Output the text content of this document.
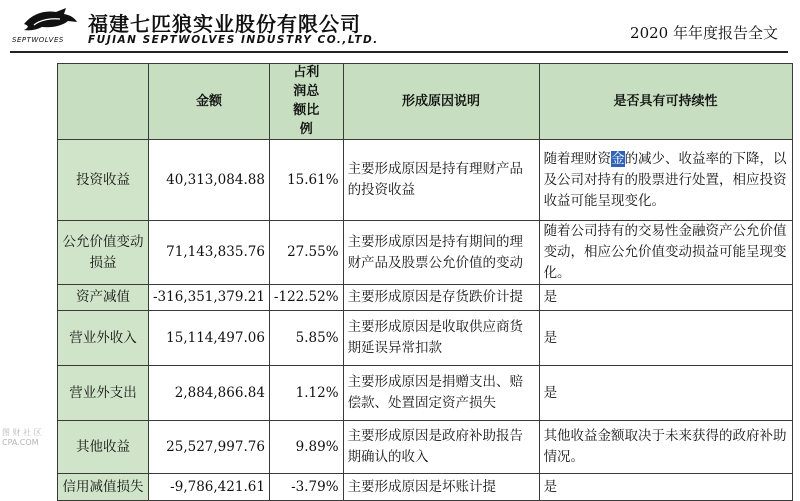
SEPTWOLVES
福建七匹狼实业股份有限公司
FUJIAN SEPTWOLVES INDUSTRY CO.,LTD.	2020 年年度报告全文
	金额	占利润总额比例	形成原因说明	是否具有可持续性
投资收益	40,313,084.88	15.61%	主要形成原因是持有理财产品的投资收益	随着理财资金的减少、收益率的下降，以及公司对持有的股票进行处置，相应投资收益可能呈现变化。
公允价值变动损益	71,143,835.76	27.55%	主要形成原因是持有期间的理财产品及股票公允价值的变动	随着公司持有的交易性金融资产公允价值变动，相应公允价值变动损益可能呈现变化。
资产减值	-316,351,379.21	-122.52%	主要形成原因是存货跌价计提	是
营业外收入	15,114,497.06	5.85%	主要形成原因是收取供应商货期延误异常扣款	是
营业外支出	2,884,866.84	1.12%	主要形成原因是捐赠支出、赔偿款、处置固定资产损失	是
其他收益	25,527,997.76	9.89%	主要形成原因是政府补助报告期确认的收入	其他收益金额取决于未来获得的政府补助情况。
信用减值损失	-9,786,421.61	-3.79%	主要形成原因是坏账计提	是
图 财 社 区
CPA.COM
